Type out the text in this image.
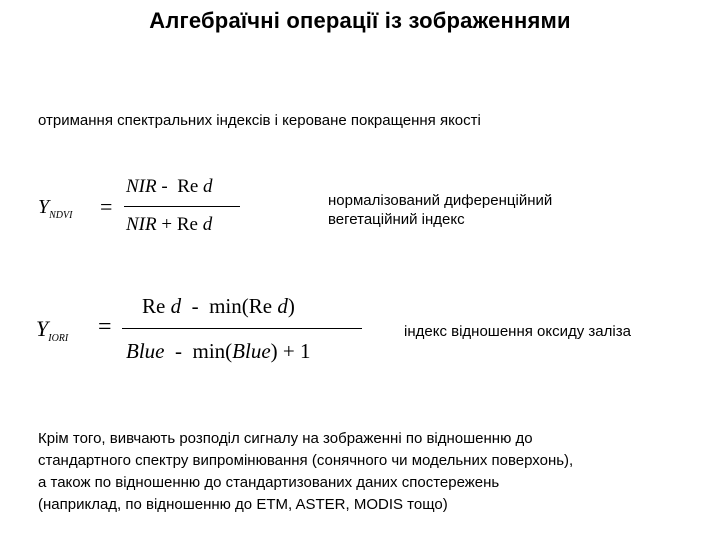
Алгебраїчні операції із зображеннями
отримання спектральних індексів і кероване покращення якості
$Y_{NDVI}$ =
NIR - Re d
NIR + Re d
нормалізований диференційний
вегетаційний індекс
$Y_{IORI}$ =
Re d - min(Re d)
Blue - min(Blue) + 1
індекс відношення оксиду заліза
Крім того, вивчають розподіл сигналу на зображенні по відношенню до
стандартного спектру випромінювання (сонячного чи модельних поверхонь),
а також по відношенню до стандартизованих даних спостережень
(наприклад, по відношенню до ETM, ASTER, MODIS тощо)
